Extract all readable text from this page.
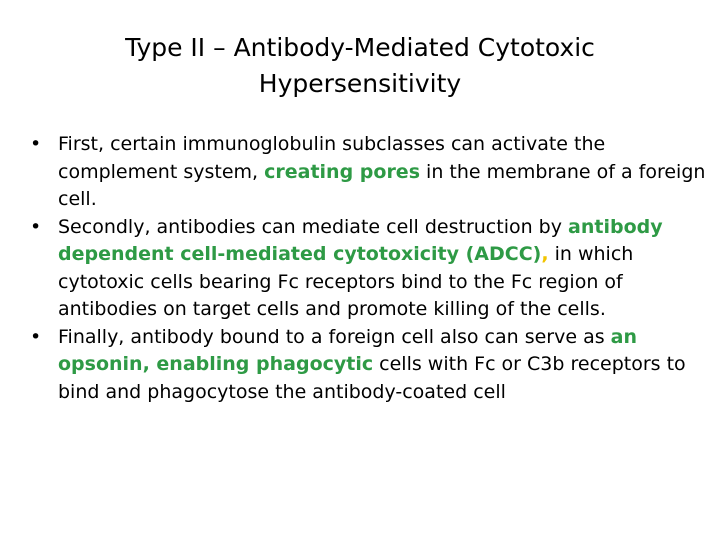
Type II – Antibody-Mediated Cytotoxic
Hypersensitivity
• First, certain immunoglobulin subclasses can activate the complement system, creating pores in the membrane of a foreign cell.
• Secondly, antibodies can mediate cell destruction by antibody dependent cell-mediated cytotoxicity (ADCC), in which cytotoxic cells bearing Fc receptors bind to the Fc region of antibodies on target cells and promote killing of the cells.
• Finally, antibody bound to a foreign cell also can serve as an opsonin, enabling phagocytic cells with Fc or C3b receptors to bind and phagocytose the antibody-coated cell
